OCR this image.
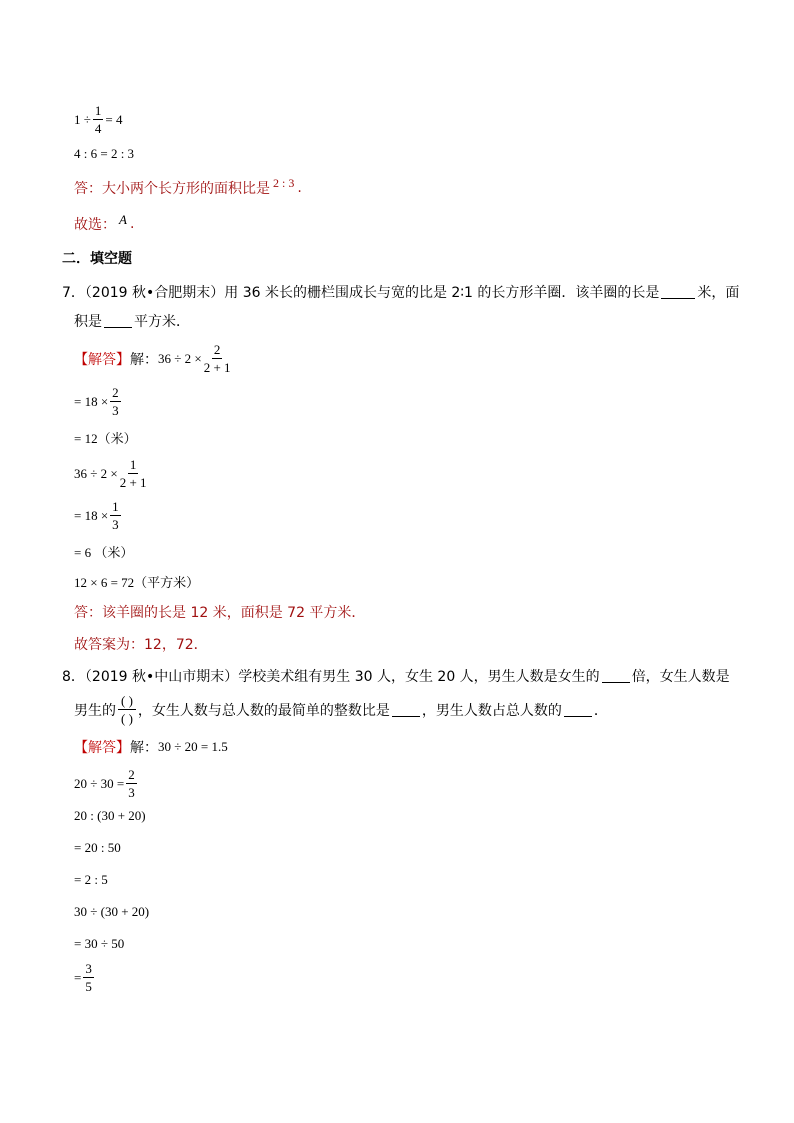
$1 \div \frac{1}{4} = 4$
4 : 6 = 2 : 3
答：大小两个长方形的面积比是 2 : 3 .
故选： A .
二．填空题
7．（2019 秋•合肥期末）用 36 米长的栅栏围成长与宽的比是 2∶1 的长方形羊圈．该羊圈的长是	米，面
积是 平方米．
【解答】 解： $36 \div 2 \times \frac{2}{2 + 1}$
= $18 \times \frac{2}{3}$
= 12（米）
$36 \div 2 \times \frac{1}{2 + 1}$
= $18 \times \frac{1}{3}$
= 6 （米）
12 × 6 = 72（平方米）
答：该羊圈的长是 12 米，面积是 72 平方米．
故答案为：12，72．
8．（2019 秋•中山市期末）学校美术组有男生 30 人，女生 20 人，男生人数是女生的 倍，女生人数是
男生的 $\frac{( )}{( )}$ ，女生人数与总人数的最简单的整数比是 ，男生人数占总人数的 ．
【解答】 解： 30 ÷ 20 = 1.5
$20 \div 30 = \frac{2}{3}$
20 : (30 + 20)
= 20 : 50
= 2 : 5
30 ÷ (30 + 20)
= 30 ÷ 50
= $\frac{3}{5}$
